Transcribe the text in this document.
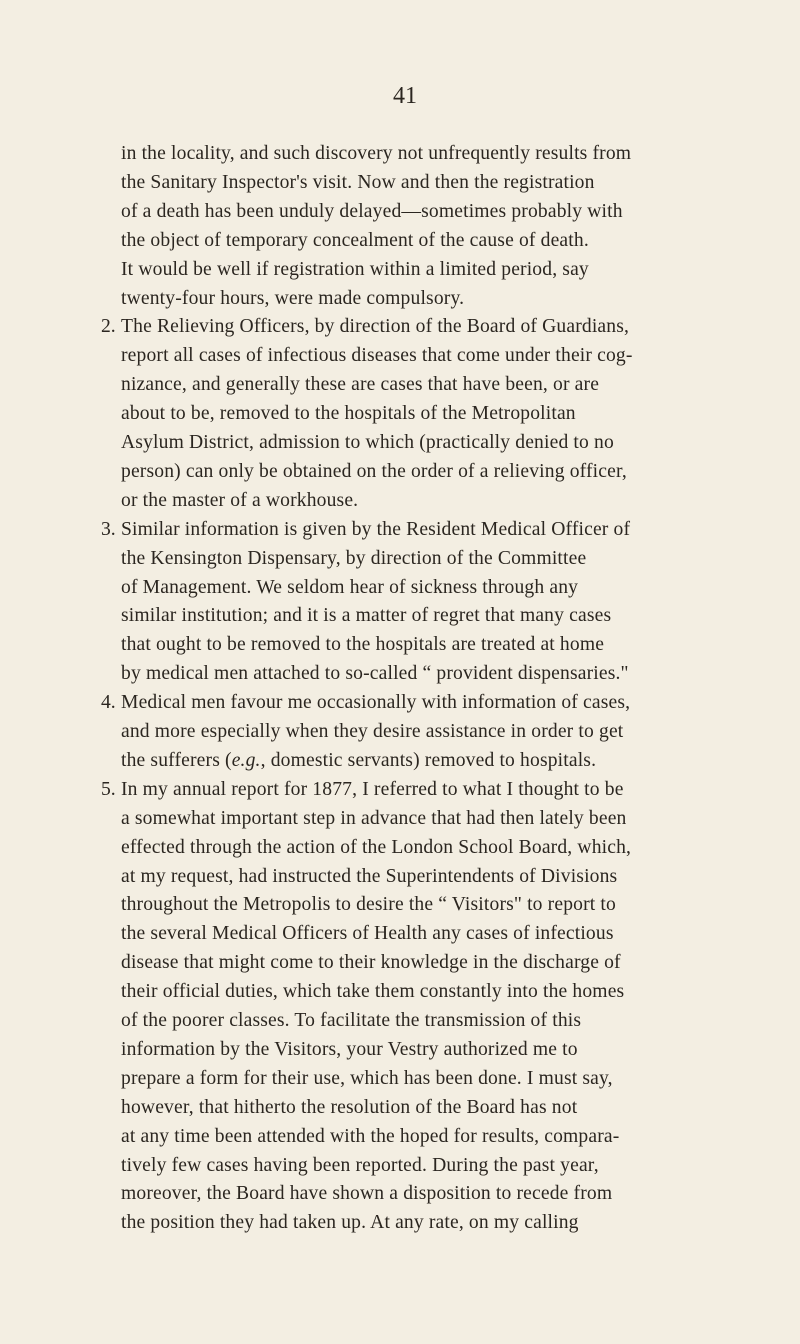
41
in the locality, and such discovery not unfrequently results from
the Sanitary Inspector's visit. Now and then the registration
of a death has been unduly delayed—sometimes probably with
the object of temporary concealment of the cause of death.
It would be well if registration within a limited period, say
twenty-four hours, were made compulsory.
2. The Relieving Officers, by direction of the Board of Guardians,
report all cases of infectious diseases that come under their cog-
nizance, and generally these are cases that have been, or are
about to be, removed to the hospitals of the Metropolitan
Asylum District, admission to which (practically denied to no
person) can only be obtained on the order of a relieving officer,
or the master of a workhouse.
3. Similar information is given by the Resident Medical Officer of
the Kensington Dispensary, by direction of the Committee
of Management. We seldom hear of sickness through any
similar institution; and it is a matter of regret that many cases
that ought to be removed to the hospitals are treated at home
by medical men attached to so-called “ provident dispensaries."
4. Medical men favour me occasionally with information of cases,
and more especially when they desire assistance in order to get
the sufferers (e.g., domestic servants) removed to hospitals.
5. In my annual report for 1877, I referred to what I thought to be
a somewhat important step in advance that had then lately been
effected through the action of the London School Board, which,
at my request, had instructed the Superintendents of Divisions
throughout the Metropolis to desire the “ Visitors" to report to
the several Medical Officers of Health any cases of infectious
disease that might come to their knowledge in the discharge of
their official duties, which take them constantly into the homes
of the poorer classes. To facilitate the transmission of this
information by the Visitors, your Vestry authorized me to
prepare a form for their use, which has been done. I must say,
however, that hitherto the resolution of the Board has not
at any time been attended with the hoped for results, compara-
tively few cases having been reported. During the past year,
moreover, the Board have shown a disposition to recede from
the position they had taken up. At any rate, on my calling
